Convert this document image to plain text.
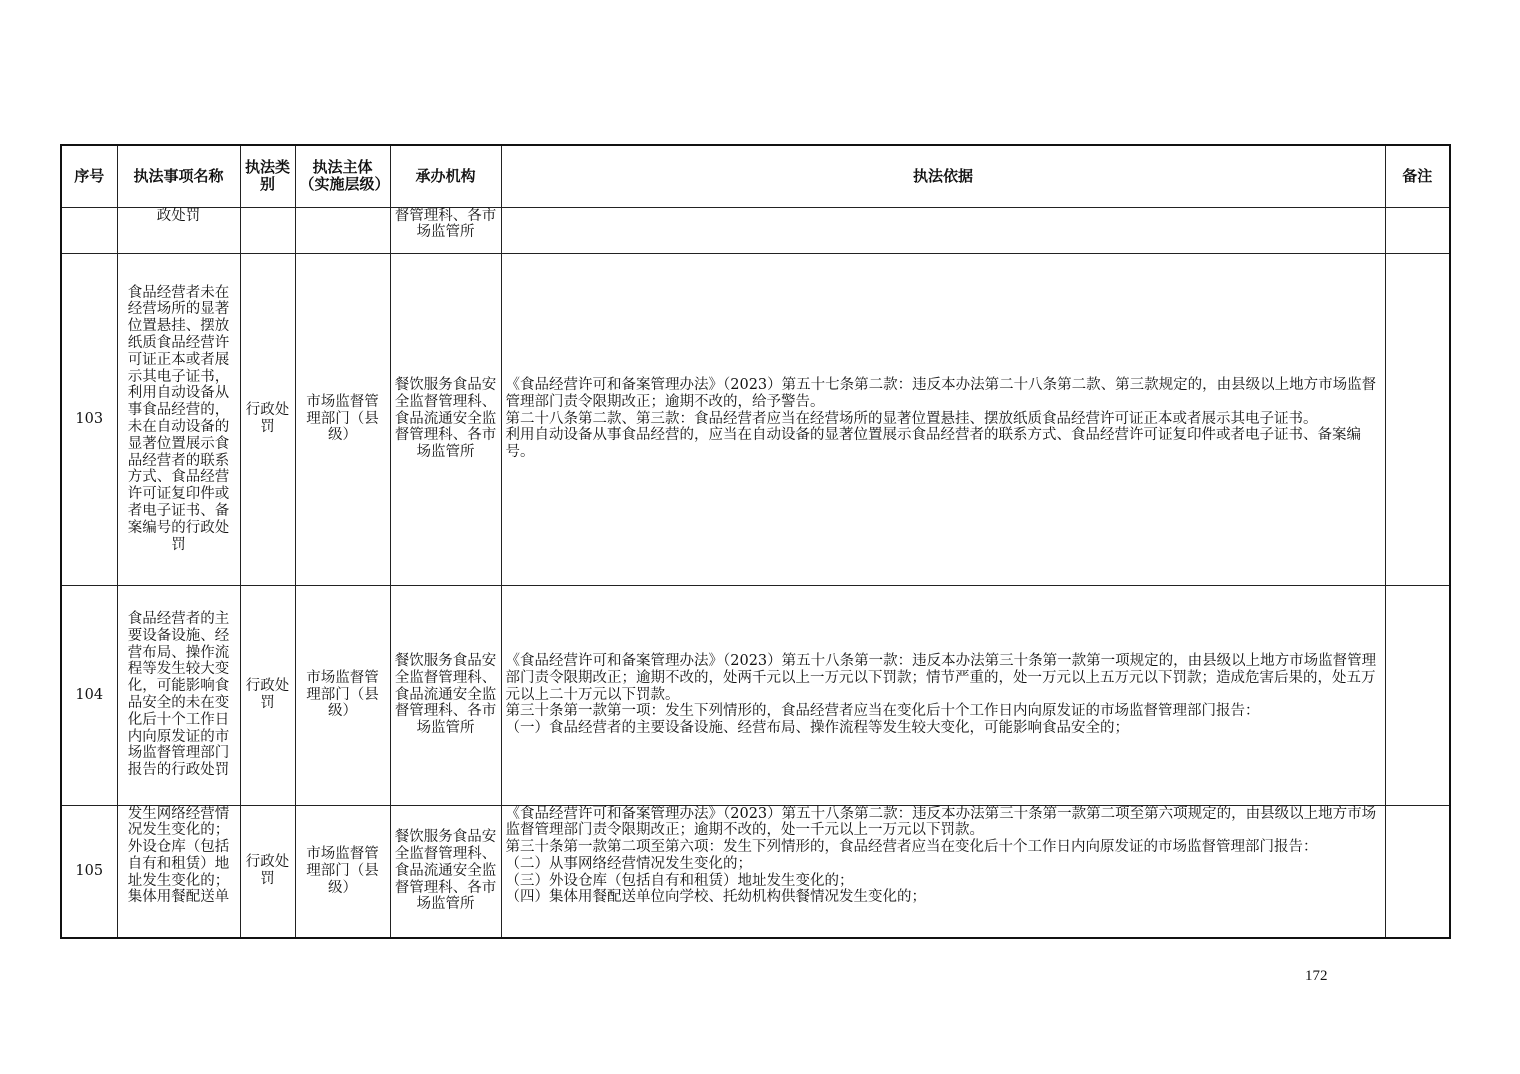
序号	执法事项名称	执法类别	执法主体（实施层级）	承办机构	执法依据	备注
	政处罚			督管理科、各市场监管所		
103	食品经营者未在经营场所的显著位置悬挂、摆放纸质食品经营许可证正本或者展示其电子证书，利用自动设备从事食品经营的，未在自动设备的显著位置展示食品经营者的联系方式、食品经营许可证复印件或者电子证书、备案编号的行政处罚	行政处罚	市场监督管理部门（县级）	餐饮服务食品安全监督管理科、食品流通安全监督管理科、各市场监管所	《食品经营许可和备案管理办法》（2023）第五十七条第二款：违反本办法第二十八条第二款、第三款规定的，由县级以上地方市场监督管理部门责令限期改正；逾期不改的，给予警告。
第二十八条第二款、第三款：食品经营者应当在经营场所的显著位置悬挂、摆放纸质食品经营许可证正本或者展示其电子证书。
利用自动设备从事食品经营的，应当在自动设备的显著位置展示食品经营者的联系方式、食品经营许可证复印件或者电子证书、备案编号。	
104	食品经营者的主要设备设施、经营布局、操作流程等发生较大变化，可能影响食品安全的未在变化后十个工作日内向原发证的市场监督管理部门报告的行政处罚	行政处罚	市场监督管理部门（县级）	餐饮服务食品安全监督管理科、食品流通安全监督管理科、各市场监管所	《食品经营许可和备案管理办法》（2023）第五十八条第一款：违反本办法第三十条第一款第一项规定的，由县级以上地方市场监督管理部门责令限期改正；逾期不改的，处两千元以上一万元以下罚款；情节严重的，处一万元以上五万元以下罚款；造成危害后果的，处五万元以上二十万元以下罚款。
第三十条第一款第一项：发生下列情形的，食品经营者应当在变化后十个工作日内向原发证的市场监督管理部门报告：
（一）食品经营者的主要设备设施、经营布局、操作流程等发生较大变化，可能影响食品安全的；	
105	发生网络经营情况发生变化的；外设仓库（包括自有和租赁）地址发生变化的；集体用餐配送单	行政处罚	市场监督管理部门（县级）	餐饮服务食品安全监督管理科、食品流通安全监督管理科、各市场监管所	《食品经营许可和备案管理办法》（2023）第五十八条第二款：违反本办法第三十条第一款第二项至第六项规定的，由县级以上地方市场监督管理部门责令限期改正；逾期不改的，处一千元以上一万元以下罚款。
第三十条第一款第二项至第六项：发生下列情形的，食品经营者应当在变化后十个工作日内向原发证的市场监督管理部门报告：
（二）从事网络经营情况发生变化的；
（三）外设仓库（包括自有和租赁）地址发生变化的；
（四）集体用餐配送单位向学校、托幼机构供餐情况发生变化的；	
172
